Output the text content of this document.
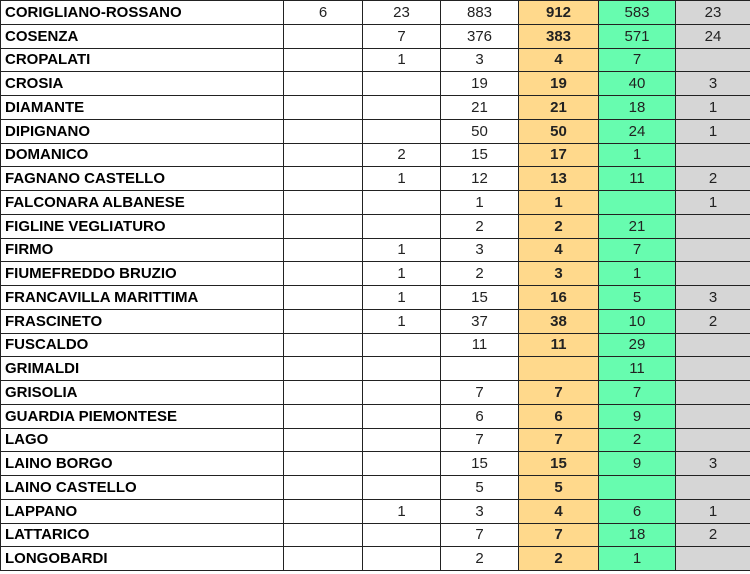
CORIGLIANO-ROSSANO	6	23	883	912	583	23
COSENZA		7	376	383	571	24
CROPALATI		1	3	4	7	
CROSIA			19	19	40	3
DIAMANTE			21	21	18	1
DIPIGNANO			50	50	24	1
DOMANICO		2	15	17	1	
FAGNANO CASTELLO		1	12	13	11	2
FALCONARA ALBANESE			1	1		1
FIGLINE VEGLIATURO			2	2	21	
FIRMO		1	3	4	7	
FIUMEFREDDO BRUZIO		1	2	3	1	
FRANCAVILLA MARITTIMA		1	15	16	5	3
FRASCINETO		1	37	38	10	2
FUSCALDO			11	11	29	
GRIMALDI					11	
GRISOLIA			7	7	7	
GUARDIA PIEMONTESE			6	6	9	
LAGO			7	7	2	
LAINO BORGO			15	15	9	3
LAINO CASTELLO			5	5		
LAPPANO		1	3	4	6	1
LATTARICO			7	7	18	2
LONGOBARDI			2	2	1	
